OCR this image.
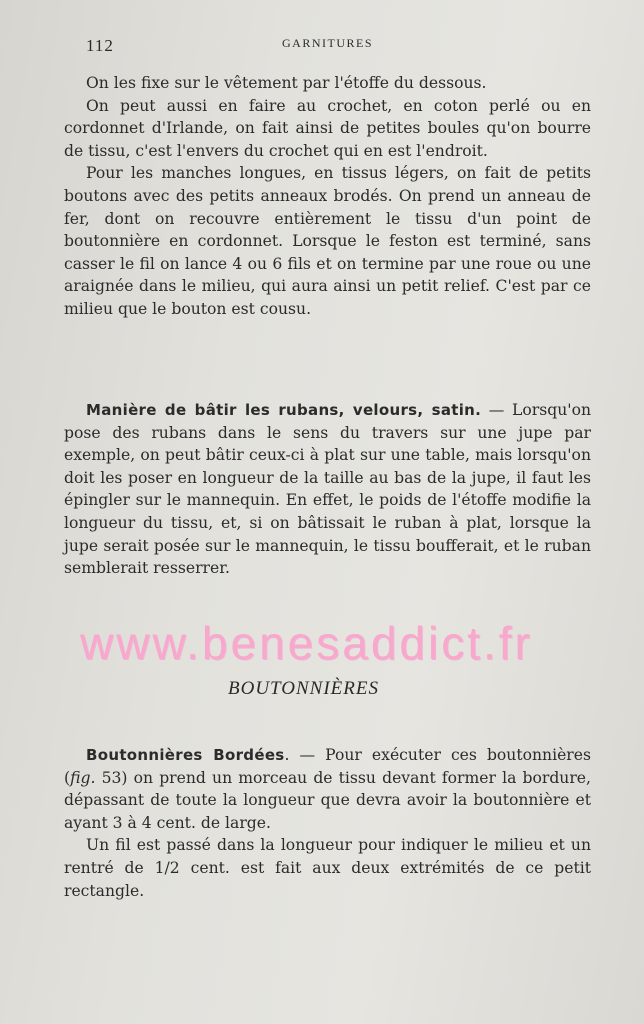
112	GARNITURES

On les fixe sur le vêtement par l'étoffe du dessous.

On peut aussi en faire au crochet, en coton perlé ou en cordonnet d'Irlande, on fait ainsi de petites boules qu'on bourre de tissu, c'est l'envers du crochet qui en est l'endroit.

Pour les manches longues, en tissus légers, on fait de petits boutons avec des petits anneaux brodés. On prend un anneau de fer, dont on recouvre entièrement le tissu d'un point de boutonnière en cordonnet. Lorsque le feston est terminé, sans casser le fil on lance 4 ou 6 fils et on termine par une roue ou une araignée dans le milieu, qui aura ainsi un petit relief. C'est par ce milieu que le bouton est cousu.

Manière de bâtir les rubans, velours, satin. — Lorsqu'on pose des rubans dans le sens du travers sur une jupe par exemple, on peut bâtir ceux-ci à plat sur une table, mais lorsqu'on doit les poser en longueur de la taille au bas de la jupe, il faut les épingler sur le mannequin. En effet, le poids de l'étoffe modifie la longueur du tissu, et, si on bâtissait le ruban à plat, lorsque la jupe serait posée sur le mannequin, le tissu boufferait, et le ruban semblerait resserrer.

www.benesaddict.fr
BOUTONNIÈRES

Boutonnières Bordées. — Pour exécuter ces boutonnières (fig. 53) on prend un morceau de tissu devant former la bordure, dépassant de toute la longueur que devra avoir la boutonnière et ayant 3 à 4 cent. de large.

Un fil est passé dans la longueur pour indiquer le milieu et un rentré de 1/2 cent. est fait aux deux extrémités de ce petit rectangle.
